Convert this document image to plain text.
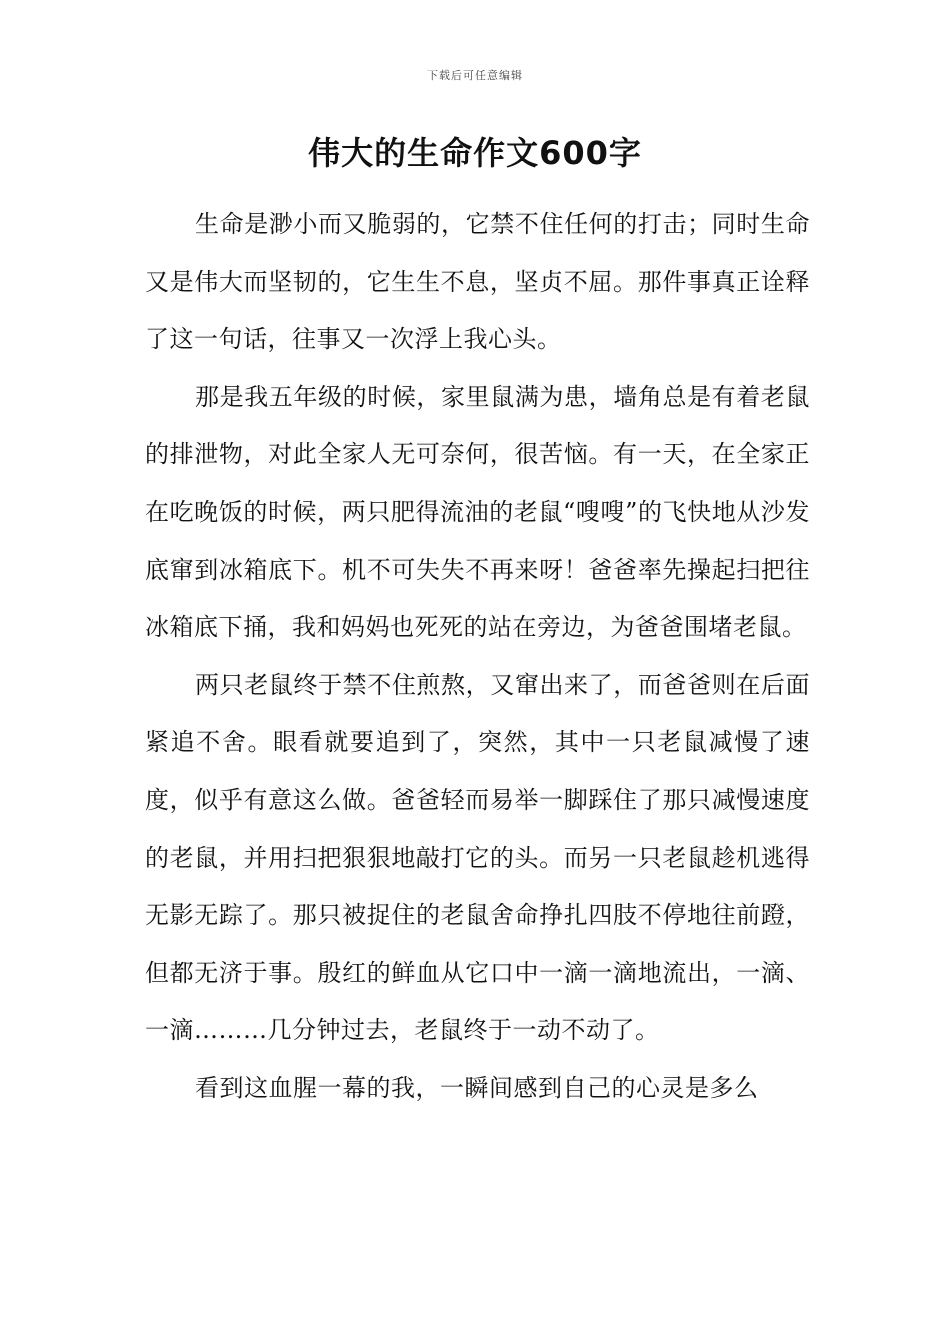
下载后可任意编辑
伟大的生命作文600字

生命是渺小而又脆弱的，它禁不住任何的打击；同时生命又是伟大而坚韧的，它生生不息，坚贞不屈。那件事真正诠释了这一句话，往事又一次浮上我心头。

那是我五年级的时候，家里鼠满为患，墙角总是有着老鼠的排泄物，对此全家人无可奈何，很苦恼。有一天，在全家正在吃晚饭的时候，两只肥得流油的老鼠“嗖嗖”的飞快地从沙发底窜到冰箱底下。机不可失失不再来呀！爸爸率先操起扫把往冰箱底下捅，我和妈妈也死死的站在旁边，为爸爸围堵老鼠。

两只老鼠终于禁不住煎熬，又窜出来了，而爸爸则在后面紧追不舍。眼看就要追到了，突然，其中一只老鼠减慢了速度，似乎有意这么做。爸爸轻而易举一脚踩住了那只减慢速度的老鼠，并用扫把狠狠地敲打它的头。而另一只老鼠趁机逃得无影无踪了。那只被捉住的老鼠舍命挣扎四肢不停地往前蹬，但都无济于事。殷红的鲜血从它口中一滴一滴地流出，一滴、一滴………几分钟过去，老鼠终于一动不动了。

看到这血腥一幕的我，一瞬间感到自己的心灵是多么
